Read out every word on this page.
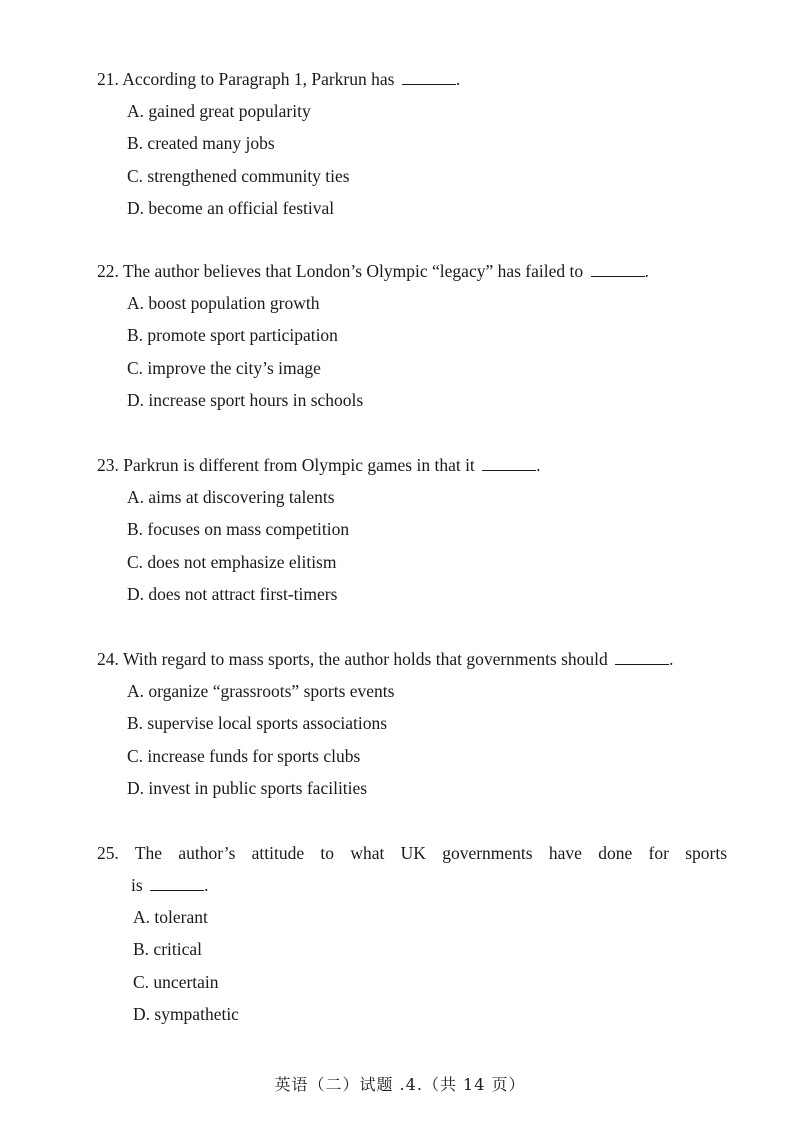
21. According to Paragraph 1, Parkrun has	.
A. gained great popularity
B. created many jobs
C. strengthened community ties
D. become an official festival
22. The author believes that London’s Olympic “legacy” has failed to	.
A. boost population growth
B. promote sport participation
C. improve the city’s image
D. increase sport hours in schools
23. Parkrun is different from Olympic games in that it	.
A. aims at discovering talents
B. focuses on mass competition
C. does not emphasize elitism
D. does not attract first-timers
24. With regard to mass sports, the author holds that governments should	.
A. organize “grassroots” sports events
B. supervise local sports associations
C. increase funds for sports clubs
D. invest in public sports facilities
25. The author’s attitude to what UK governments have done for sports
is	.
A. tolerant
B. critical
C. uncertain
D. sympathetic
英语（二）试题 .4.（共 14 页）
